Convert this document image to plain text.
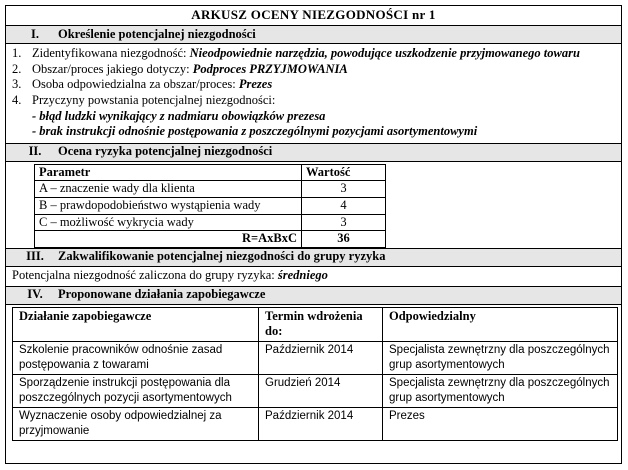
ARKUSZ OCENY NIEZGODNOŚCI nr 1
I.	Określenie potencjalnej niezgodności
1. Zidentyfikowana niezgodność: Nieodpowiednie narzędzia, powodujące uszkodzenie przyjmowanego towaru
2. Obszar/proces jakiego dotyczy: Podproces PRZYJMOWANIA
3. Osoba odpowiedzialna za obszar/proces: Prezes
4. Przyczyny powstania potencjalnej niezgodności:
- błąd ludzki wynikający z nadmiaru obowiązków prezesa
- brak instrukcji odnośnie postępowania z poszczególnymi pozycjami asortymentowymi
II.	Ocena ryzyka potencjalnej niezgodności
Parametr	Wartość
A – znaczenie wady dla klienta	3
B – prawdopodobieństwo wystąpienia wady	4
C – możliwość wykrycia wady	3
R=AxBxC	36
III.	Zakwalifikowanie potencjalnej niezgodności do grupy ryzyka
Potencjalna niezgodność zaliczona do grupy ryzyka:
średniego
IV.	Proponowane działania zapobiegawcze
Działanie zapobiegawcze	Termin wdrożenia do:	Odpowiedzialny
Szkolenie pracowników odnośnie zasad postępowania z towarami	Październik 2014	Specjalista zewnętrzny dla poszczególnych grup asortymentowych
Sporządzenie instrukcji postępowania dla poszczególnych pozycji asortymentowych	Grudzień 2014	Specjalista zewnętrzny dla poszczególnych grup asortymentowych
Wyznaczenie osoby odpowiedzialnej za przyjmowanie	Październik 2014	Prezes
